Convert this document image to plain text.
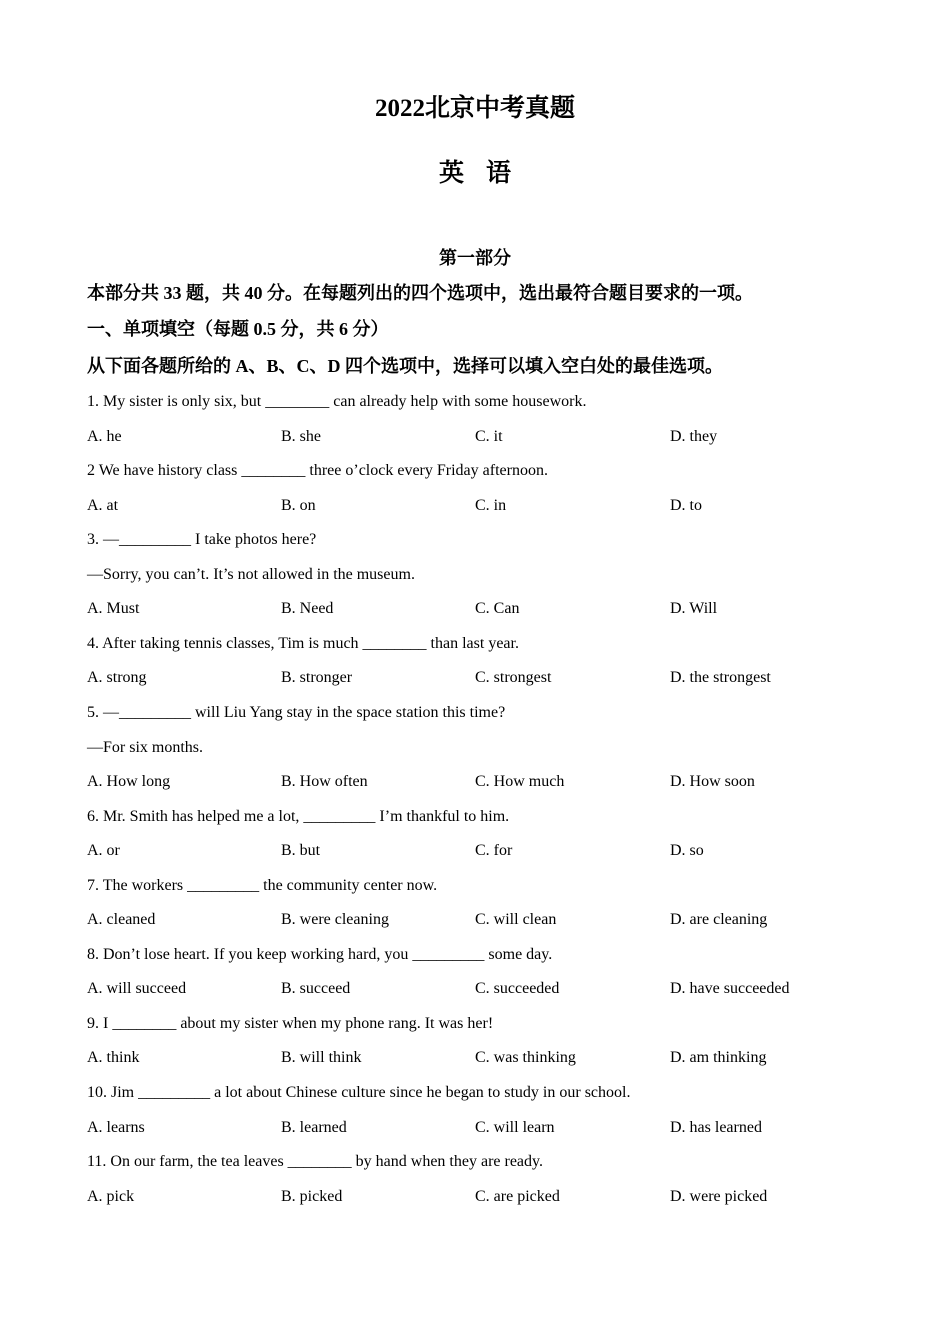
2022北京中考真题
英语
第一部分
本部分共 33 题，共 40 分。在每题列出的四个选项中，选出最符合题目要求的一项。
一、单项填空（每题 0.5 分，共 6 分）
从下面各题所给的 A、B、C、D 四个选项中，选择可以填入空白处的最佳选项。
1. My sister is only six, but ________ can already help with some housework.
A. he	B. she	C. it	D. they
2 We have history class ________ three o’clock every Friday afternoon.
A. at	B. on	C. in	D. to
3. —_________ I take photos here?
—Sorry, you can’t. It’s not allowed in the museum.
A. Must	B. Need	C. Can	D. Will
4. After taking tennis classes, Tim is much ________ than last year.
A. strong	B. stronger	C. strongest	D. the strongest
5. —_________ will Liu Yang stay in the space station this time?
—For six months.
A. How long	B. How often	C. How much	D. How soon
6. Mr. Smith has helped me a lot, _________ I’m thankful to him.
A. or	B. but	C. for	D. so
7. The workers _________ the community center now.
A. cleaned	B. were cleaning	C. will clean	D. are cleaning
8. Don’t lose heart. If you keep working hard, you _________ some day.
A. will succeed	B. succeed	C. succeeded	D. have succeeded
9. I ________ about my sister when my phone rang. It was her!
A. think	B. will think	C. was thinking	D. am thinking
10. Jim _________ a lot about Chinese culture since he began to study in our school.
A. learns	B. learned	C. will learn	D. has learned
11. On our farm, the tea leaves ________ by hand when they are ready.
A. pick	B. picked	C. are picked	D. were picked
